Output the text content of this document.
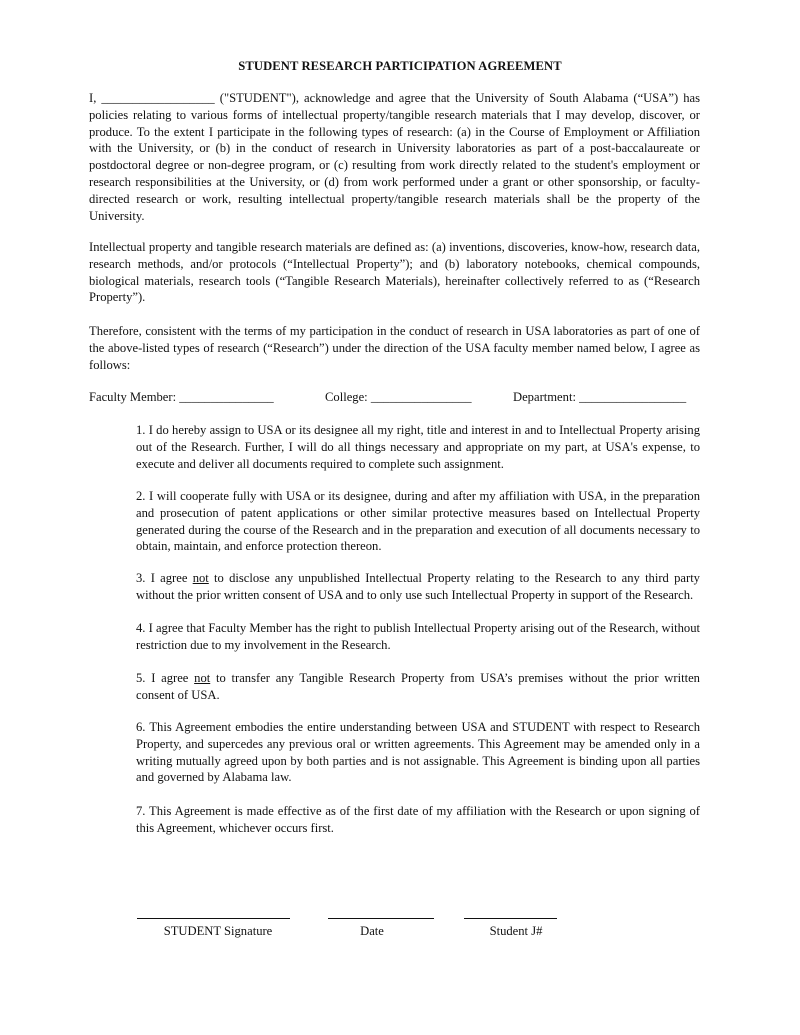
STUDENT RESEARCH PARTICIPATION AGREEMENT

I, __________________ ("STUDENT"), acknowledge and agree that the University of South Alabama (“USA”) has policies relating to various forms of intellectual property/tangible research materials that I may develop, discover, or produce. To the extent I participate in the following types of research: (a) in the Course of Employment or Affiliation with the University, or (b) in the conduct of research in University laboratories as part of a post-baccalaureate or postdoctoral degree or non-degree program, or (c) resulting from work directly related to the student's employment or research responsibilities at the University, or (d) from work performed under a grant or other sponsorship, or faculty-directed research or work, resulting intellectual property/tangible research materials shall be the property of the University.

Intellectual property and tangible research materials are defined as: (a) inventions, discoveries, know-how, research data, research methods, and/or protocols (“Intellectual Property”); and (b) laboratory notebooks, chemical compounds, biological materials, research tools (“Tangible Research Materials), hereinafter collectively referred to as (“Research Property”).

Therefore, consistent with the terms of my participation in the conduct of research in USA laboratories as part of one of the above-listed types of research (“Research”) under the direction of the USA faculty member named below, I agree as follows:

Faculty Member: _______________	College: ________________	Department: _________________

1. I do hereby assign to USA or its designee all my right, title and interest in and to Intellectual Property arising out of the Research. Further, I will do all things necessary and appropriate on my part, at USA's expense, to execute and deliver all documents required to complete such assignment.

2. I will cooperate fully with USA or its designee, during and after my affiliation with USA, in the preparation and prosecution of patent applications or other similar protective measures based on Intellectual Property generated during the course of the Research and in the preparation and execution of all documents necessary to obtain, maintain, and enforce protection thereon.

3. I agree not to disclose any unpublished Intellectual Property relating to the Research to any third party without the prior written consent of USA and to only use such Intellectual Property in support of the Research.

4. I agree that Faculty Member has the right to publish Intellectual Property arising out of the Research, without restriction due to my involvement in the Research.

5. I agree not to transfer any Tangible Research Property from USA’s premises without the prior written consent of USA.

6. This Agreement embodies the entire understanding between USA and STUDENT with respect to Research Property, and supercedes any previous oral or written agreements. This Agreement may be amended only in a writing mutually agreed upon by both parties and is not assignable. This Agreement is binding upon all parties and governed by Alabama law.

7. This Agreement is made effective as of the first date of my affiliation with the Research or upon signing of this Agreement, whichever occurs first.

STUDENT Signature	Date	Student J#
